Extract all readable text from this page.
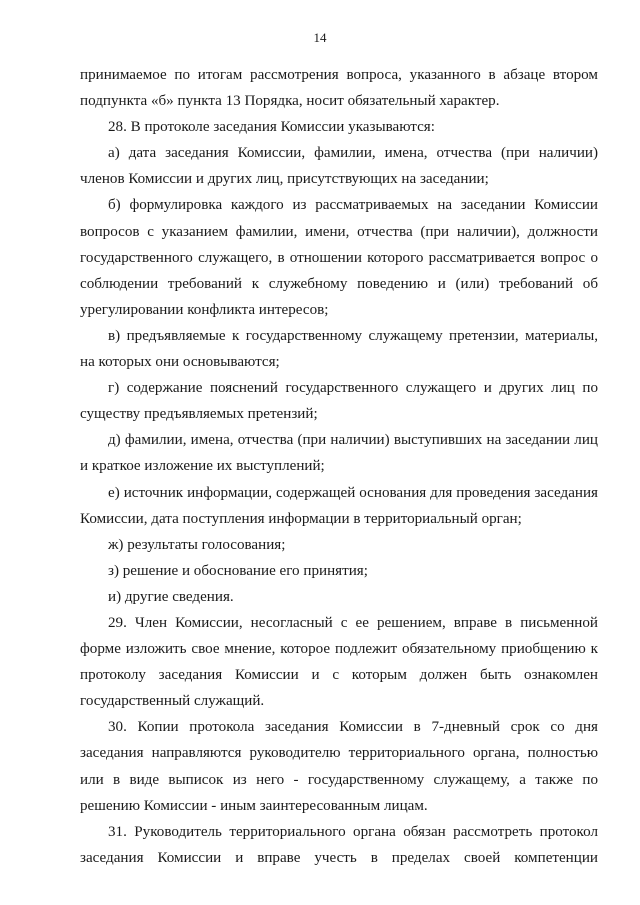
14

принимаемое по итогам рассмотрения вопроса, указанного в абзаце втором подпункта «б» пункта 13 Порядка, носит обязательный характер.

28. В протоколе заседания Комиссии указываются:

а) дата заседания Комиссии, фамилии, имена, отчества (при наличии) членов Комиссии и других лиц, присутствующих на заседании;

б) формулировка каждого из рассматриваемых на заседании Комиссии вопросов с указанием фамилии, имени, отчества (при наличии), должности государственного служащего, в отношении которого рассматривается вопрос о соблюдении требований к служебному поведению и (или) требований об урегулировании конфликта интересов;

в) предъявляемые к государственному служащему претензии, материалы, на которых они основываются;

г) содержание пояснений государственного служащего и других лиц по существу предъявляемых претензий;

д) фамилии, имена, отчества (при наличии) выступивших на заседании лиц и краткое изложение их выступлений;

е) источник информации, содержащей основания для проведения заседания Комиссии, дата поступления информации в территориальный орган;

ж) результаты голосования;

з) решение и обоснование его принятия;

и) другие сведения.

29. Член Комиссии, несогласный с ее решением, вправе в письменной форме изложить свое мнение, которое подлежит обязательному приобщению к протоколу заседания Комиссии и с которым должен быть ознакомлен государственный служащий.

30. Копии протокола заседания Комиссии в 7-дневный срок со дня заседания направляются руководителю территориального органа, полностью или в виде выписок из него - государственному служащему, а также по решению Комиссии - иным заинтересованным лицам.

31. Руководитель территориального органа обязан рассмотреть протокол заседания Комиссии и вправе учесть в пределах своей компетенции
